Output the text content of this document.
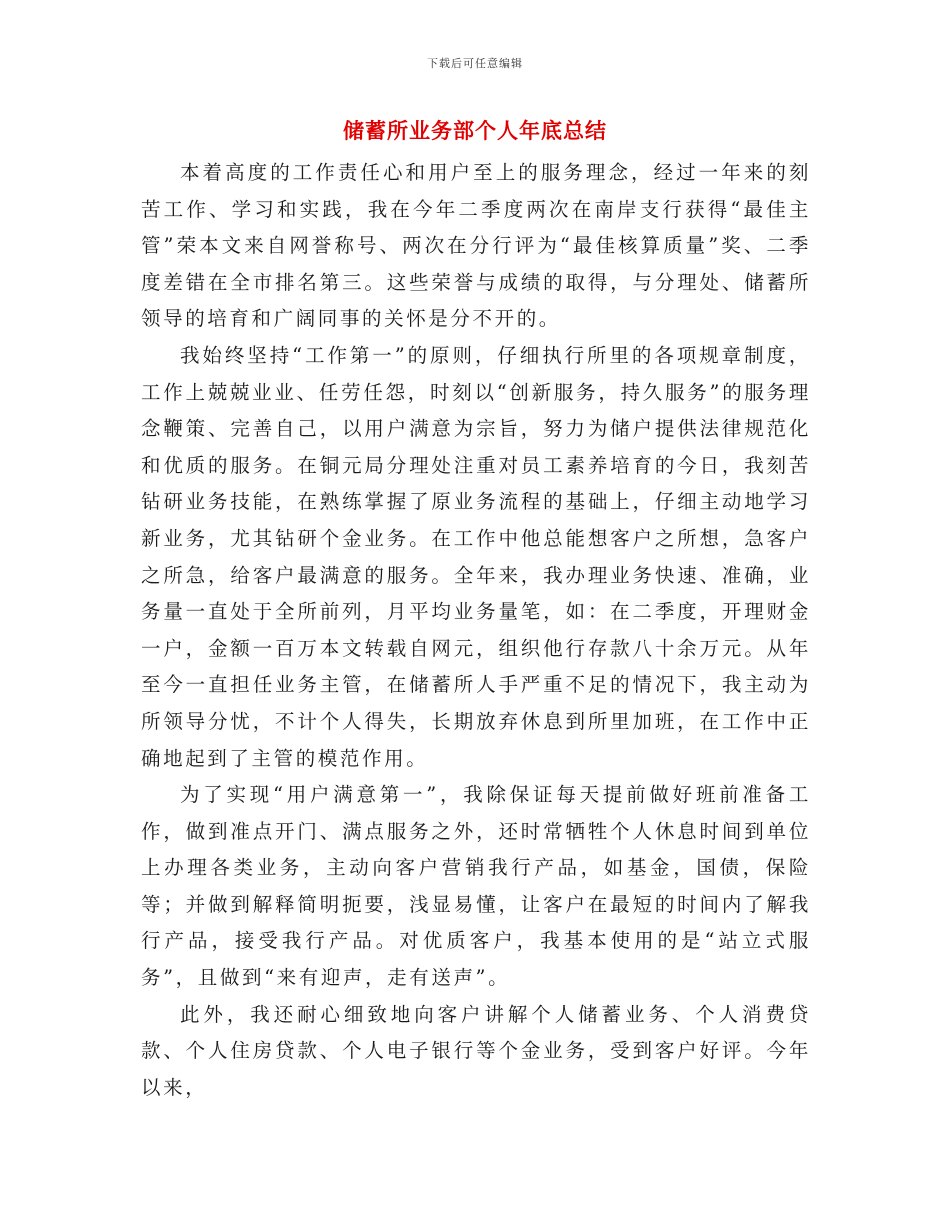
下载后可任意编辑
储蓄所业务部个人年底总结

本着高度的工作责任心和用户至上的服务理念，经过一年来的刻苦工作、学习和实践，我在今年二季度两次在南岸支行获得“最佳主管”荣本文来自网誉称号、两次在分行评为“最佳核算质量”奖、二季度差错在全市排名第三。这些荣誉与成绩的取得，与分理处、储蓄所领导的培育和广阔同事的关怀是分不开的。

我始终坚持“工作第一”的原则，仔细执行所里的各项规章制度，工作上兢兢业业、任劳任怨，时刻以“创新服务，持久服务”的服务理念鞭策、完善自己，以用户满意为宗旨，努力为储户提供法律规范化和优质的服务。在铜元局分理处注重对员工素养培育的今日，我刻苦钻研业务技能，在熟练掌握了原业务流程的基础上，仔细主动地学习新业务，尤其钻研个金业务。在工作中他总能想客户之所想，急客户之所急，给客户最满意的服务。全年来，我办理业务快速、准确，业务量一直处于全所前列，月平均业务量笔，如：在二季度，开理财金一户，金额一百万本文转载自网元，组织他行存款八十余万元。从年至今一直担任业务主管，在储蓄所人手严重不足的情况下，我主动为所领导分忧，不计个人得失，长期放弃休息到所里加班，在工作中正确地起到了主管的模范作用。

为了实现“用户满意第一”，我除保证每天提前做好班前准备工作，做到准点开门、满点服务之外，还时常牺牲个人休息时间到单位上办理各类业务，主动向客户营销我行产品，如基金，国债，保险等；并做到解释简明扼要，浅显易懂，让客户在最短的时间内了解我行产品，接受我行产品。对优质客户，我基本使用的是“站立式服务”，且做到“来有迎声，走有送声”。

此外，我还耐心细致地向客户讲解个人储蓄业务、个人消费贷款、个人住房贷款、个人电子银行等个金业务，受到客户好评。今年以来，
